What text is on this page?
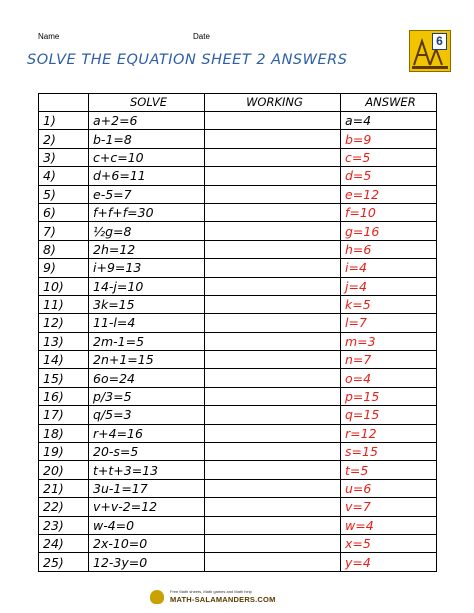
Name	Date	6
SOLVE THE EQUATION SHEET 2 ANSWERS
	SOLVE	WORKING	ANSWER
1)	a+2=6		a=4
2)	b-1=8		b=9
3)	c+c=10		c=5
4)	d+6=11		d=5
5)	e-5=7		e=12
6)	f+f+f=30		f=10
7)	½g=8		g=16
8)	2h=12		h=6
9)	i+9=13		i=4
10)	14-j=10		j=4
11)	3k=15		k=5
12)	11-l=4		l=7
13)	2m-1=5		m=3
14)	2n+1=15		n=7
15)	6o=24		o=4
16)	p/3=5		p=15
17)	q/5=3		q=15
18)	r+4=16		r=12
19)	20-s=5		s=15
20)	t+t+3=13		t=5
21)	3u-1=17		u=6
22)	v+v-2=12		v=7
23)	w-4=0		w=4
24)	2x-10=0		x=5
25)	12-3y=0		y=4
Free Math sheets, Math games and Math help
MATH-SALAMANDERS.COM
